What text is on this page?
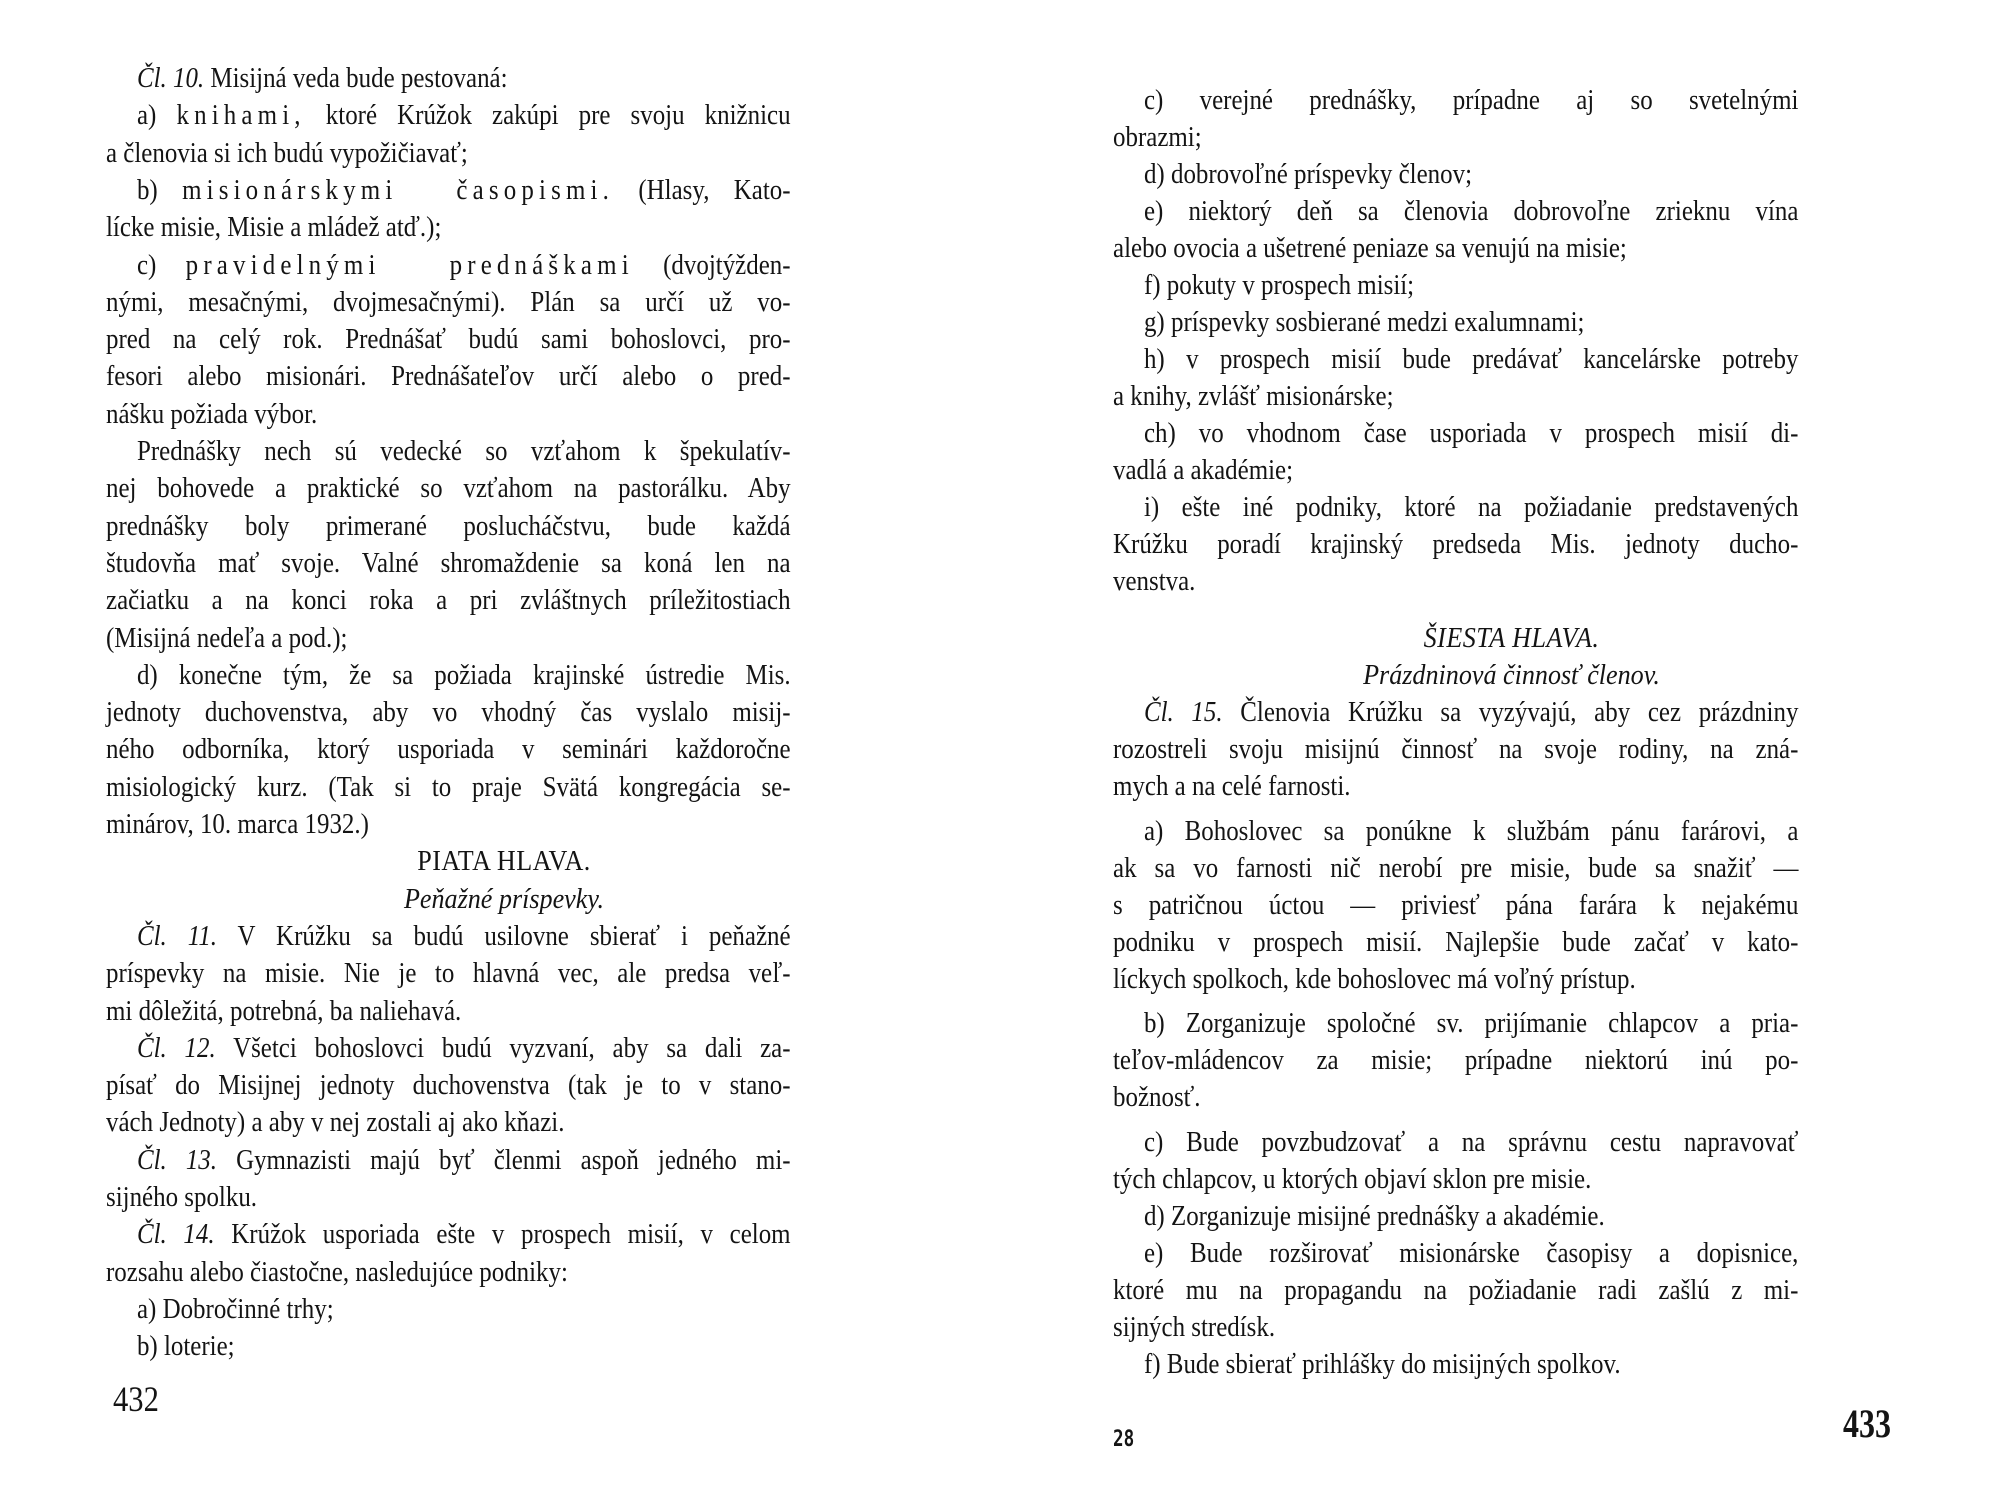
Čl. 10. Misijná veda bude pestovaná:
a) knihami, ktoré Krúžok zakúpi pre svoju knižnicu
a členovia si ich budú vypožičiavať;
b) misionárskymi  časopismi. (Hlasy, Kato-
lícke misie, Misie a mládež atď.);
c) pravidelnými  prednáškami (dvojtýžden-
nými, mesačnými, dvojmesačnými). Plán sa určí už vo-
pred na celý rok. Prednášať budú sami bohoslovci, pro-
fesori alebo misionári. Prednášateľov určí alebo o pred-
nášku požiada výbor.
Prednášky nech sú vedecké so vzťahom k špekulatív-
nej bohovede a praktické so vzťahom na pastorálku. Aby
prednášky boly primerané poslucháčstvu, bude každá
študovňa mať svoje. Valné shromaždenie sa koná len na
začiatku a na konci roka a pri zvláštnych príležitostiach
(Misijná nedeľa a pod.);
d) konečne tým, že sa požiada krajinské ústredie Mis.
jednoty duchovenstva, aby vo vhodný čas vyslalo misij-
ného odborníka, ktorý usporiada v seminári každoročne
misiologický kurz. (Tak si to praje Svätá kongregácia se-
minárov, 10. marca 1932.)
PIATA HLAVA.
Peňažné príspevky.
Čl. 11. V Krúžku sa budú usilovne sbierať i peňažné
príspevky na misie. Nie je to hlavná vec, ale predsa veľ-
mi dôležitá, potrebná, ba naliehavá.
Čl. 12. Všetci bohoslovci budú vyzvaní, aby sa dali za-
písať do Misijnej jednoty duchovenstva (tak je to v stano-
vách Jednoty) a aby v nej zostali aj ako kňazi.
Čl. 13. Gymnazisti majú byť členmi aspoň jedného mi-
sijného spolku.
Čl. 14. Krúžok usporiada ešte v prospech misií, v celom
rozsahu alebo čiastočne, nasledujúce podniky:
a) Dobročinné trhy;
b) loterie;
432
c) verejné prednášky, prípadne aj so svetelnými
obrazmi;
d) dobrovoľné príspevky členov;
e) niektorý deň sa členovia dobrovoľne zrieknu vína
alebo ovocia a ušetrené peniaze sa venujú na misie;
f) pokuty v prospech misií;
g) príspevky sosbierané medzi exalumnami;
h) v prospech misií bude predávať kancelárske potreby
a knihy, zvlášť misionárske;
ch) vo vhodnom čase usporiada v prospech misií di-
vadlá a akadémie;
i) ešte iné podniky, ktoré na požiadanie predstavených
Krúžku poradí krajinský predseda Mis. jednoty ducho-
venstva.
ŠIESTA HLAVA.
Prázdninová činnosť členov.
Čl. 15. Členovia Krúžku sa vyzývajú, aby cez prázdniny
rozostreli svoju misijnú činnosť na svoje rodiny, na zná-
mych a na celé farnosti.
a) Bohoslovec sa ponúkne k službám pánu farárovi, a
ak sa vo farnosti nič nerobí pre misie, bude sa snažiť —
s patričnou úctou — priviesť pána farára k nejakému
podniku v prospech misií. Najlepšie bude začať v kato-
líckych spolkoch, kde bohoslovec má voľný prístup.
b) Zorganizuje spoločné sv. prijímanie chlapcov a pria-
teľov-mládencov za misie; prípadne niektorú inú po-
božnosť.
c) Bude povzbudzovať a na správnu cestu napravovať
tých chlapcov, u ktorých objaví sklon pre misie.
d) Zorganizuje misijné prednášky a akadémie.
e) Bude rozširovať misionárske časopisy a dopisnice,
ktoré mu na propagandu na požiadanie radi zašlú z mi-
sijných stredísk.
f) Bude sbierať prihlášky do misijných spolkov.
28	433
